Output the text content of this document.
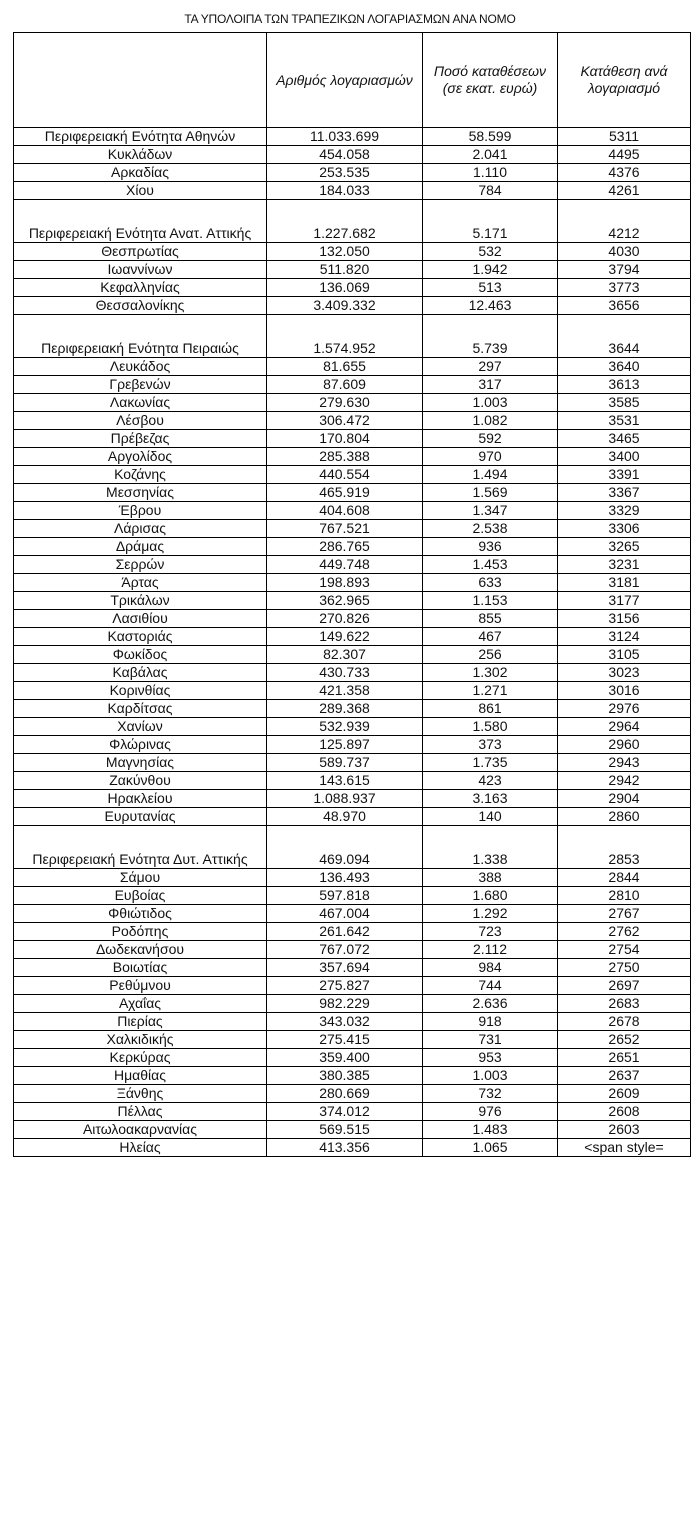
ΤΑ ΥΠΟΛΟΙΠΑ ΤΩΝ ΤΡΑΠΕΖΙΚΩΝ ΛΟΓΑΡΙΑΣΜΩΝ ΑΝΑ ΝΟΜΟ
	Αριθμός λογαριασμών	Ποσό καταθέσεων (σε εκατ. ευρώ)	Κατάθεση ανά λογαριασμό
Περιφερειακή Ενότητα Αθηνών	11.033.699	58.599	5311
Κυκλάδων	454.058	2.041	4495
Αρκαδίας	253.535	1.110	4376
Χίου	184.033	784	4261
Περιφερειακή Ενότητα Ανατ. Αττικής	1.227.682	5.171	4212
Θεσπρωτίας	132.050	532	4030
Ιωαννίνων	511.820	1.942	3794
Κεφαλληνίας	136.069	513	3773
Θεσσαλονίκης	3.409.332	12.463	3656
Περιφερειακή Ενότητα Πειραιώς	1.574.952	5.739	3644
Λευκάδος	81.655	297	3640
Γρεβενών	87.609	317	3613
Λακωνίας	279.630	1.003	3585
Λέσβου	306.472	1.082	3531
Πρέβεζας	170.804	592	3465
Αργολίδος	285.388	970	3400
Κοζάνης	440.554	1.494	3391
Μεσσηνίας	465.919	1.569	3367
Έβρου	404.608	1.347	3329
Λάρισας	767.521	2.538	3306
Δράμας	286.765	936	3265
Σερρών	449.748	1.453	3231
Άρτας	198.893	633	3181
Τρικάλων	362.965	1.153	3177
Λασιθίου	270.826	855	3156
Καστοριάς	149.622	467	3124
Φωκίδος	82.307	256	3105
Καβάλας	430.733	1.302	3023
Κορινθίας	421.358	1.271	3016
Καρδίτσας	289.368	861	2976
Χανίων	532.939	1.580	2964
Φλώρινας	125.897	373	2960
Μαγνησίας	589.737	1.735	2943
Ζακύνθου	143.615	423	2942
Ηρακλείου	1.088.937	3.163	2904
Ευρυτανίας	48.970	140	2860
Περιφερειακή Ενότητα Δυτ. Αττικής	469.094	1.338	2853
Σάμου	136.493	388	2844
Ευβοίας	597.818	1.680	2810
Φθιώτιδος	467.004	1.292	2767
Ροδόπης	261.642	723	2762
Δωδεκανήσου	767.072	2.112	2754
Βοιωτίας	357.694	984	2750
Ρεθύμνου	275.827	744	2697
Αχαΐας	982.229	2.636	2683
Πιερίας	343.032	918	2678
Χαλκιδικής	275.415	731	2652
Κερκύρας	359.400	953	2651
Ημαθίας	380.385	1.003	2637
Ξάνθης	280.669	732	2609
Πέλλας	374.012	976	2608
Αιτωλοακαρνανίας	569.515	1.483	2603
Ηλείας	413.356	1.065	<span style=
